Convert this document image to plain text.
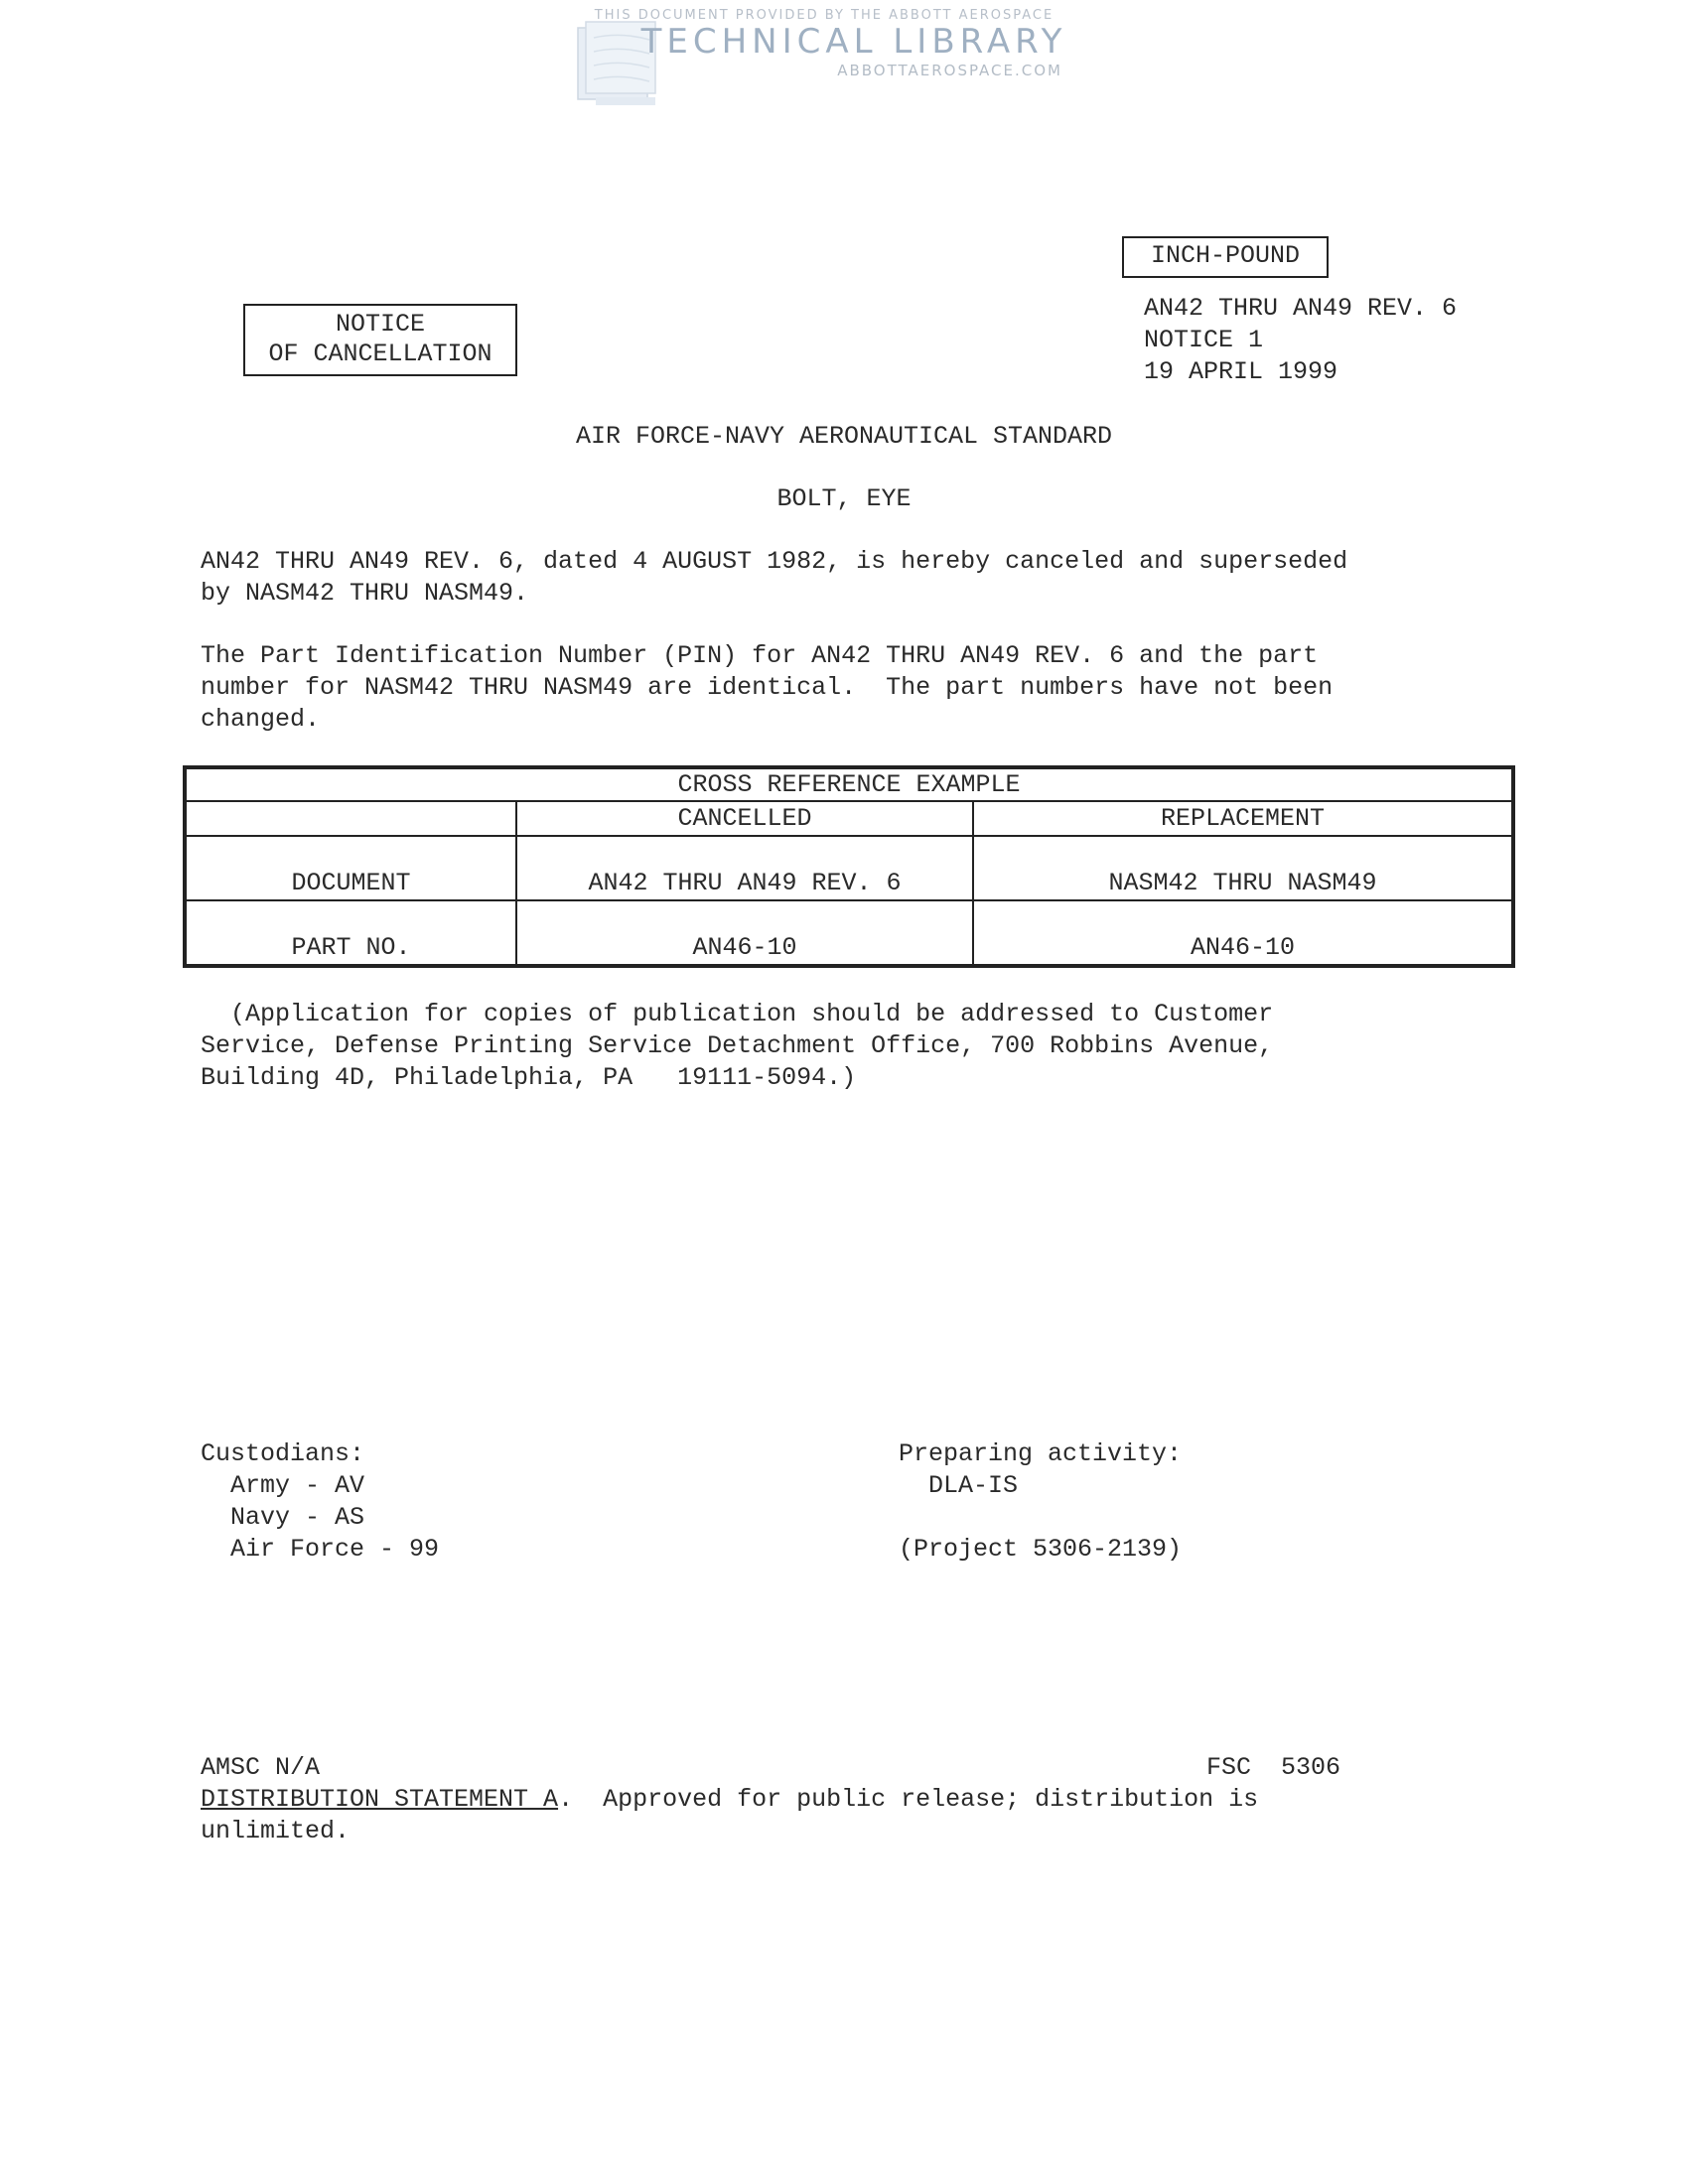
THIS DOCUMENT PROVIDED BY THE ABBOTT AEROSPACE
TECHNICAL LIBRARY
ABBOTTAEROSPACE.COM
INCH-POUND
NOTICE
OF CANCELLATION
AN42 THRU AN49 REV. 6
NOTICE 1
19 APRIL 1999
AIR FORCE-NAVY AERONAUTICAL STANDARD
BOLT, EYE
AN42 THRU AN49 REV. 6, dated 4 AUGUST 1982, is hereby canceled and superseded
by NASM42 THRU NASM49.
The Part Identification Number (PIN) for AN42 THRU AN49 REV. 6 and the part
number for NASM42 THRU NASM49 are identical.  The part numbers have not been
changed.
CROSS REFERENCE EXAMPLE		
	CANCELLED	REPLACEMENT
DOCUMENT	AN42 THRU AN49 REV. 6	NASM42 THRU NASM49
PART NO.	AN46-10	AN46-10
(Application for copies of publication should be addressed to Customer
Service, Defense Printing Service Detachment Office, 700 Robbins Avenue,
Building 4D, Philadelphia, PA   19111-5094.)
Custodians:
Army - AV
Navy - AS
Air Force - 99
Preparing activity:
DLA-IS
(Project 5306-2139)
AMSC N/A	FSC  5306
DISTRIBUTION STATEMENT A.  Approved for public release; distribution is
unlimited.
